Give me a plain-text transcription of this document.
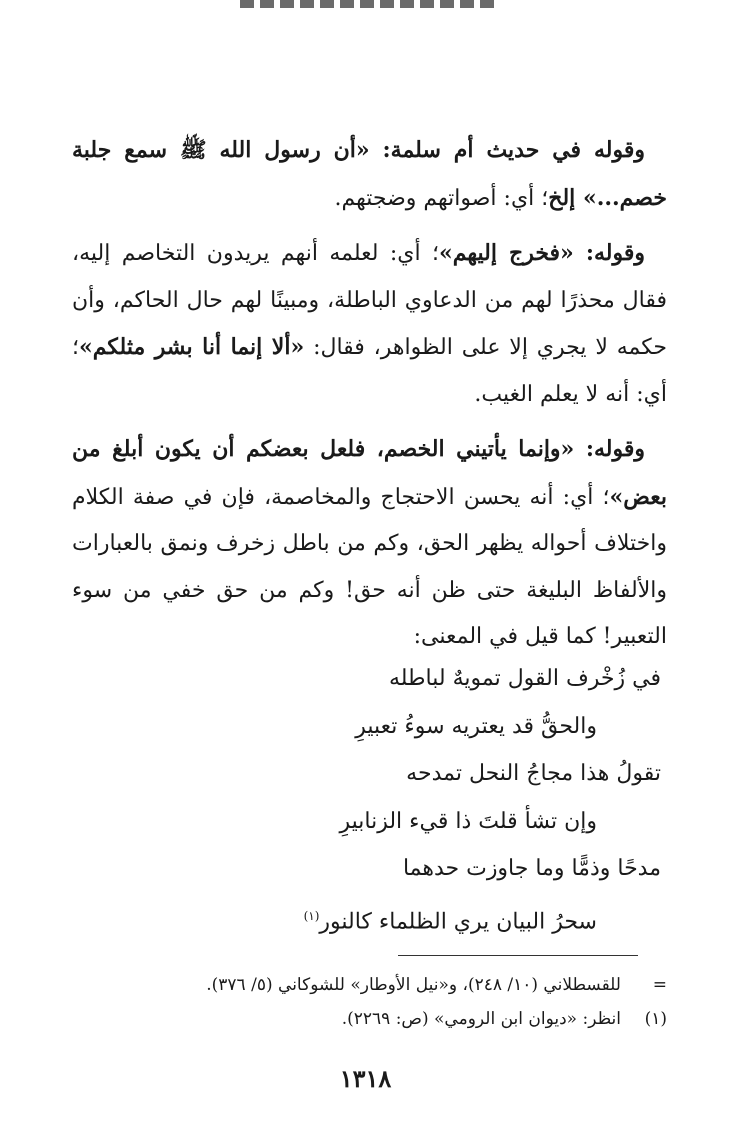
وقوله في حديث أم سلمة: «أن رسول الله ﷺ سمع جلبة خصم...» إلخ؛ أي: أصواتهم وضجتهم.

وقوله: «فخرج إليهم»؛ أي: لعلمه أنهم يريدون التخاصم إليه، فقال محذرًا لهم من الدعاوي الباطلة، ومبينًا لهم حال الحاكم، وأن حكمه لا يجري إلا على الظواهر، فقال: «ألا إنما أنا بشر مثلكم»؛ أي: أنه لا يعلم الغيب.

وقوله: «وإنما يأتيني الخصم، فلعل بعضكم أن يكون أبلغ من بعض»؛ أي: أنه يحسن الاحتجاج والمخاصمة، فإن في صفة الكلام واختلاف أحواله يظهر الحق، وكم من باطل زخرف ونمق بالعبارات والألفاظ البليغة حتى ظن أنه حق! وكم من حق خفي من سوء التعبير! كما قيل في المعنى:

في زُخْرف القول تمويهٌ لباطله
والحقُّ قد يعتريه سوءُ تعبيرِ
تقولُ هذا مجاجُ النحل تمدحه
وإن تشأ قلتَ ذا قيء الزنابيرِ
مدحًا وذمًّا وما جاوزت حدهما
سحرُ البيان يري الظلماء كالنور$^{(١)}$
=للقسطلاني (١٠/ ٢٤٨)، و«نيل الأوطار» للشوكاني (٥/ ٣٧٦).
(١)انظر: «ديوان ابن الرومي» (ص: ٢٢٦٩).
١٣١٨
